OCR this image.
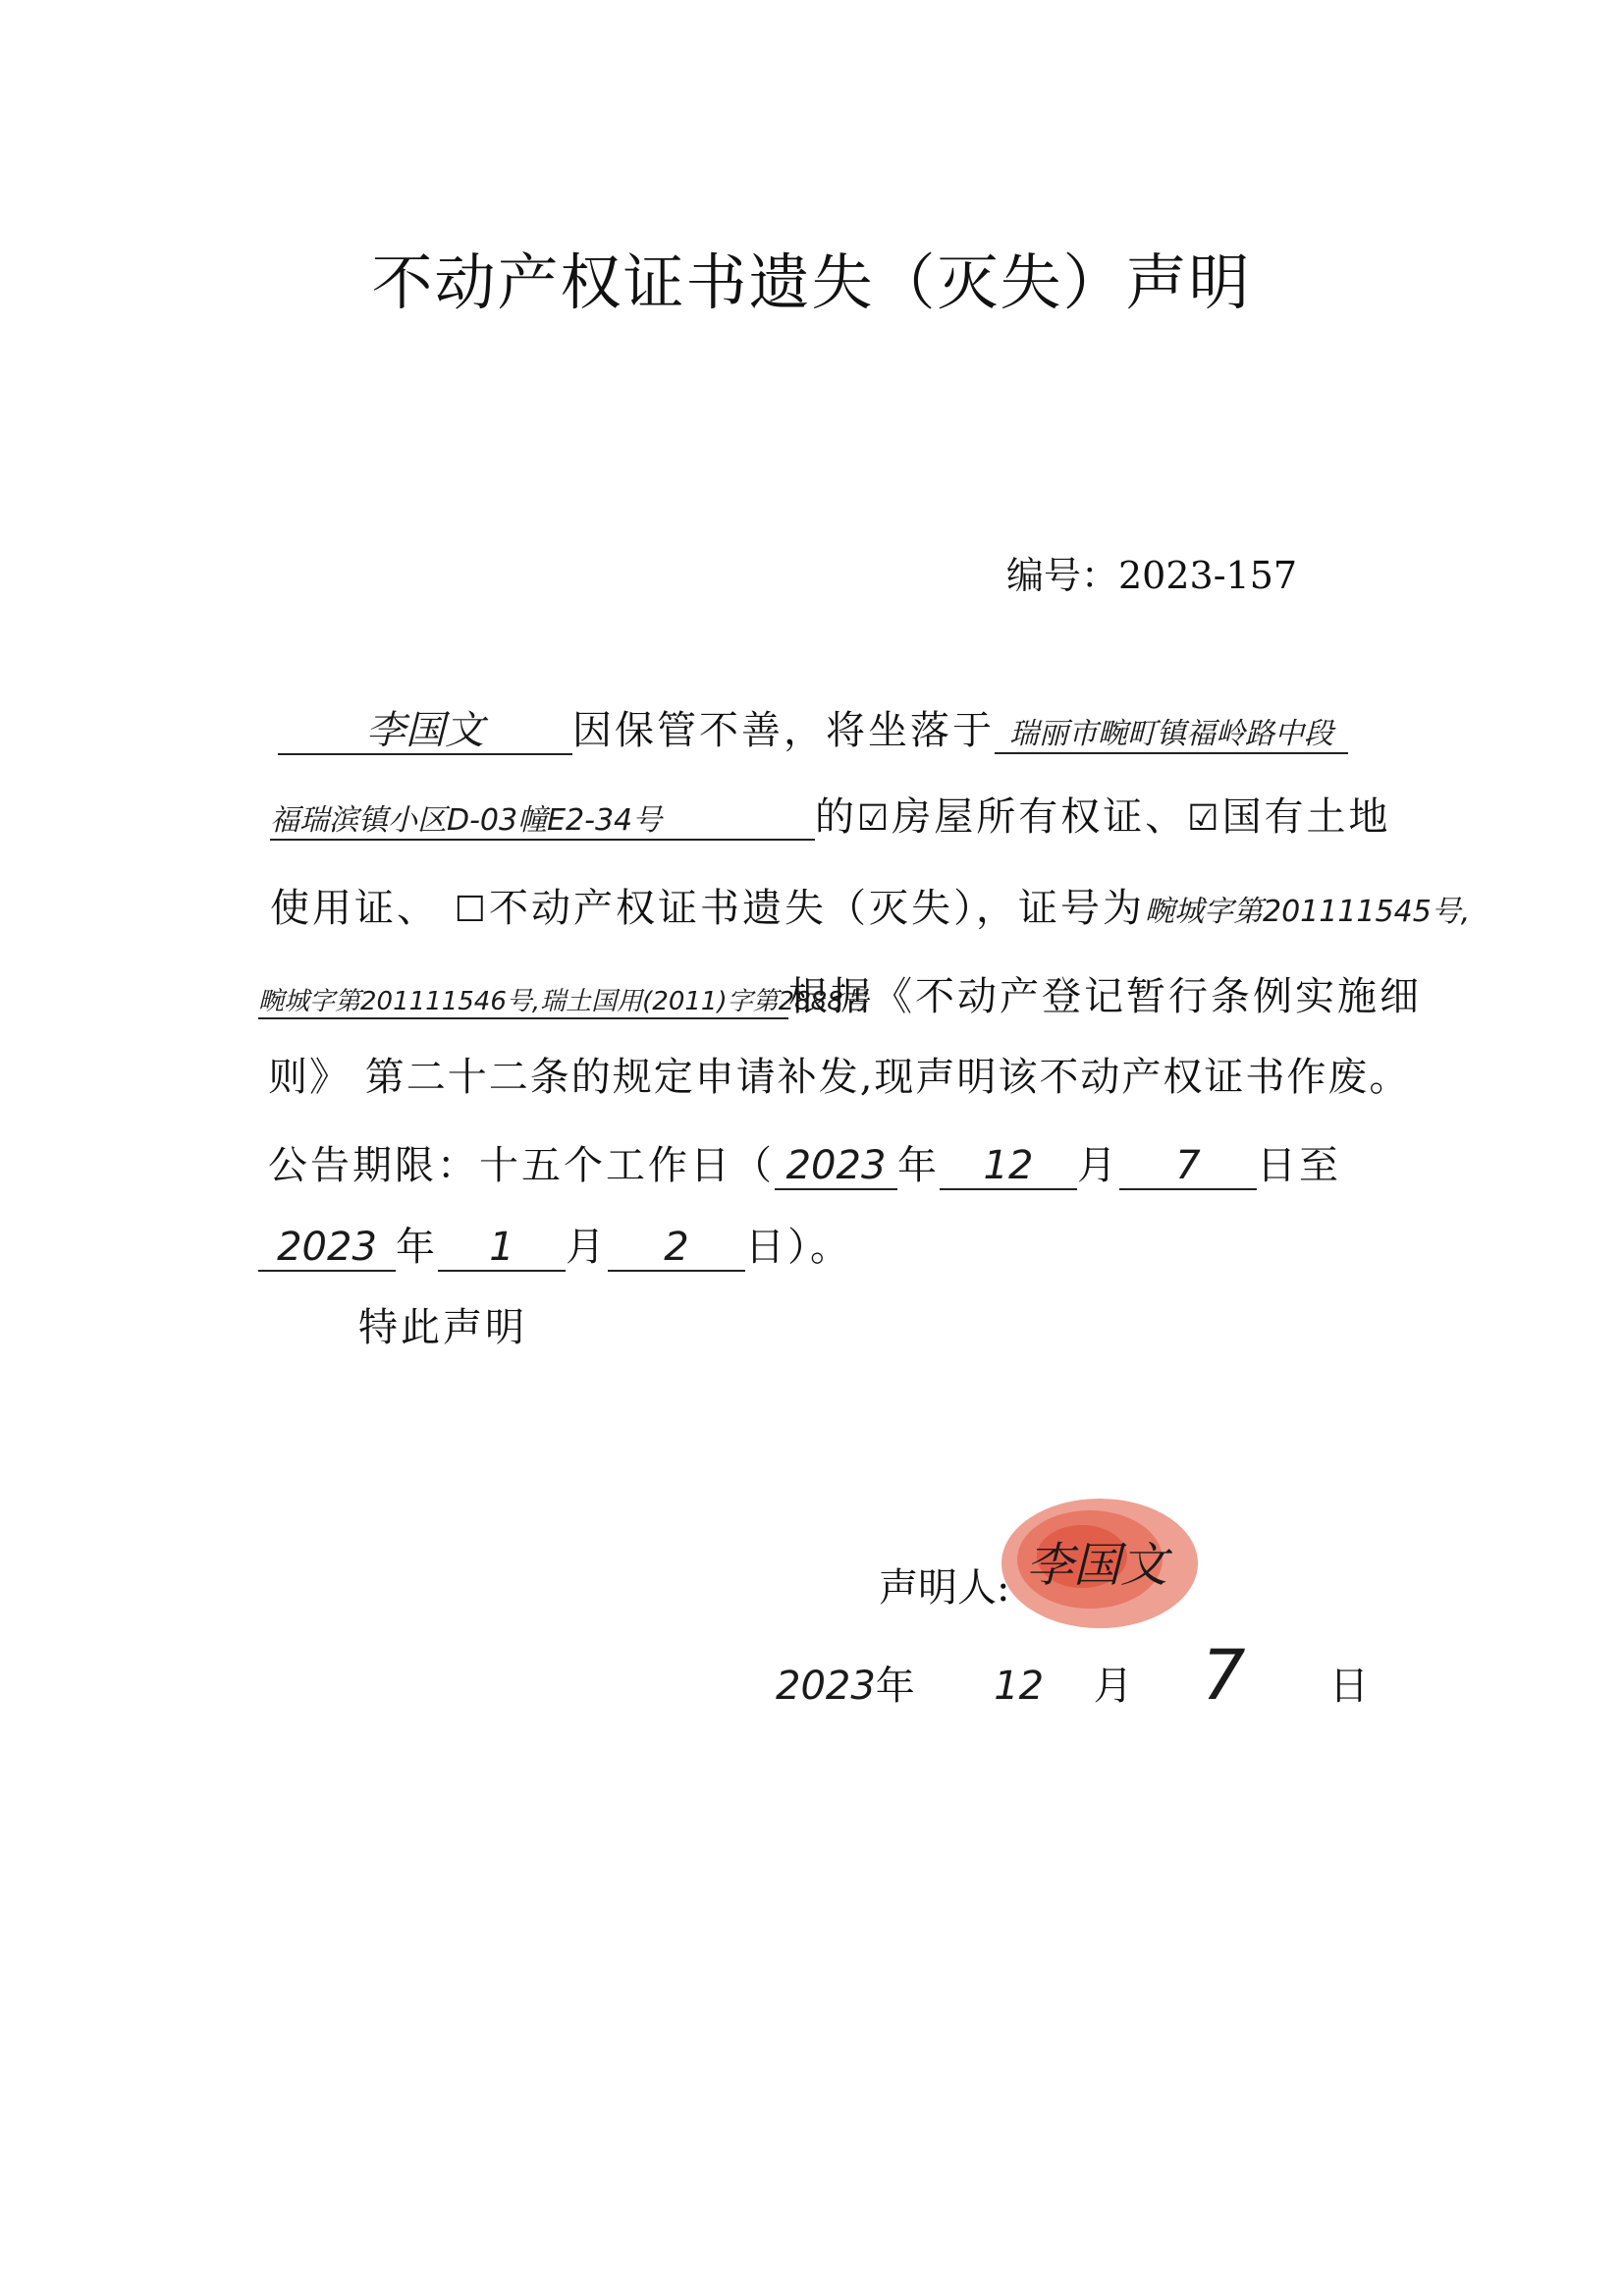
不动产权证书遗失（灭失）声明
编号：2023-157
李国文 因保管不善，将坐落于 瑞丽市畹町镇福岭路中段
福瑞滨镇小区D-03幢E2-34号	的☑房屋所有权证、☑国有土地
使用证、 ☐不动产权证书遗失（灭失），证号为畹城字第201111545号,
畹城字第201111546号,瑞土国用(2011)字第2888号根据《不动产登记暂行条例实施细
则》 第二十二条的规定申请补发,现声明该不动产权证书作废。
公告期限：十五个工作日（ 2023 年 12 月 7 日至
2023 年 1 月 2 日）。
特此声明
声明人: 李国文
2023年 12 月 7 日
